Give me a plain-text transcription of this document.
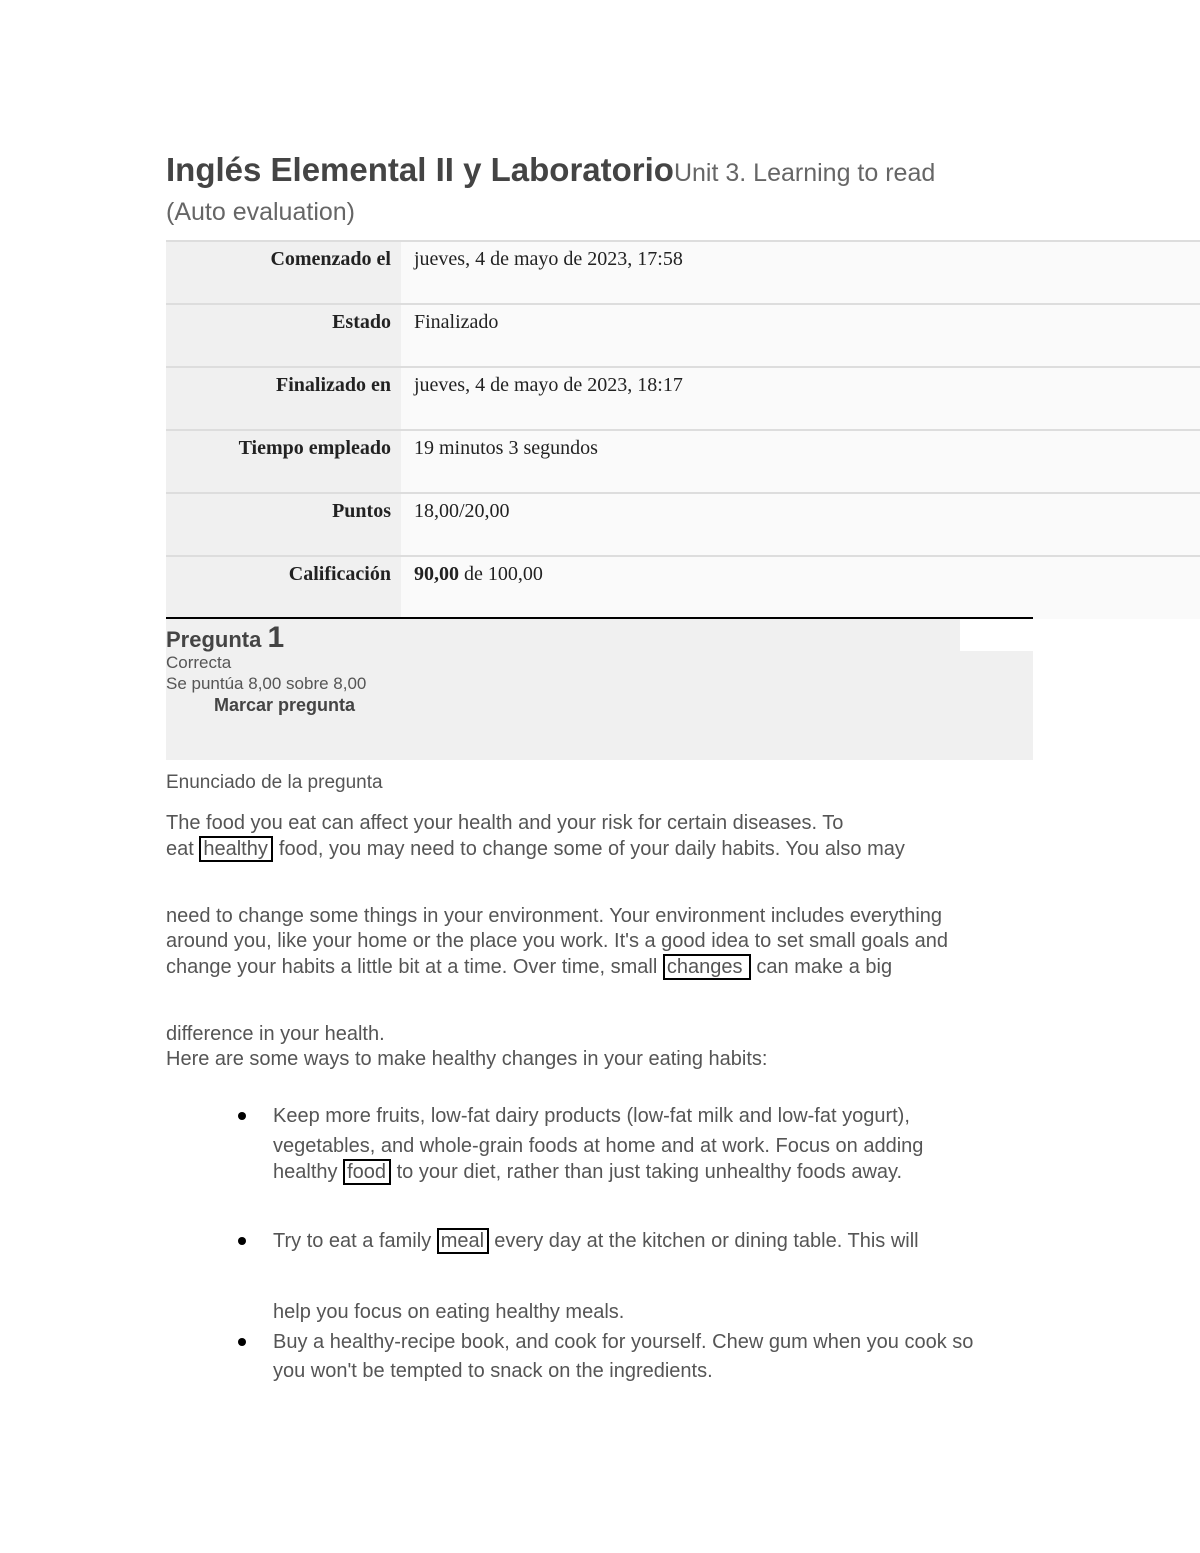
Inglés Elemental II y LaboratorioUnit 3. Learning to read
(Auto evaluation)
Comenzado el	jueves, 4 de mayo de 2023, 17:58
Estado	Finalizado
Finalizado en	jueves, 4 de mayo de 2023, 18:17
Tiempo empleado	19 minutos 3 segundos
Puntos	18,00/20,00
Calificación	90,00 de 100,00
Pregunta 1
Correcta
Se puntúa 8,00 sobre 8,00
Marcar pregunta
Enunciado de la pregunta
The food you eat can affect your health and your risk for certain diseases. To
eat healthy food, you may need to change some of your daily habits. You also may
need to change some things in your environment. Your environment includes everything
around you, like your home or the place you work. It's a good idea to set small goals and
change your habits a little bit at a time. Over time, small changes can make a big
difference in your health.
Here are some ways to make healthy changes in your eating habits:
Keep more fruits, low-fat dairy products (low-fat milk and low-fat yogurt),
vegetables, and whole-grain foods at home and at work. Focus on adding
healthy food to your diet, rather than just taking unhealthy foods away.
Try to eat a family meal every day at the kitchen or dining table. This will
help you focus on eating healthy meals.
Buy a healthy-recipe book, and cook for yourself. Chew gum when you cook so
you won't be tempted to snack on the ingredients.
